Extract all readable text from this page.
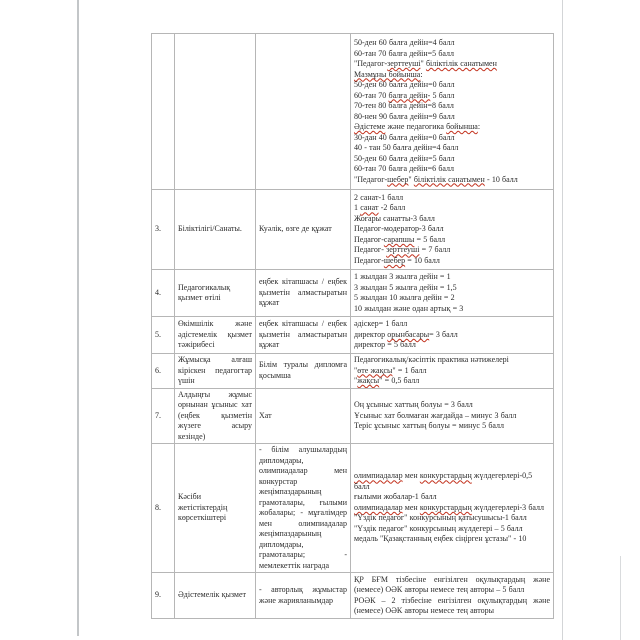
50-ден 60 балға дейін=4 балл
60-тан 70 балға дейін=5 балл
"Педагог-зерттеуші" біліктілік санатымен
Мазмұны бойынша:
50-ден 60 балға дейін=0 балл
60-тан 70 балға дейін- 5 балл
70-тен 80 балға дейін=8 балл
80-нен 90 балға дейін=9 балл
Әдістеме және педагогика бойынша:
30-дан 40 балға дейін=0 балл
40 - тан 50 балға дейін=4 балл
50-ден 60 балға дейін=5 балл
60-тан 70 балға дейін=6 балл
"Педагог-шебер" біліктілік санатымен - 10 балл

3.	Біліктілігі/Санаты.	Куәлік, өзге де құжат	
2 санат-1 балл
1 санат -2 балл
Жоғары санатты-3 балл
Педагог-модератор-3 балл
Педагог-сарапшы = 5 балл
Педагог- зерттеуші = 7 балл
Педагог-шебер = 10 балл

4.	Педагогикалық қызмет өтілі	еңбек кітапшасы / еңбек қызметін алмастыратын құжат	1 жылдан 3 жылға дейін = 1
3 жылдан 5 жылға дейін = 1,5
5 жылдан 10 жылға дейін = 2
10 жылдан және одан артық = 3

5.	Өкімшілік және әдістемелік қызмет тәжірибесі	еңбек кітапшасы / еңбек қызметін алмастыратын құжат	әдіскер= 1 балл
директор орынбасары= 3 балл
директор = 5 балл

6.	Жұмысқа алғаш кіріскен педагогтар үшін	Білім туралы дипломға қосымша	Педагогикалық/кәсіптік практика нәтижелері
"өте жақсы" = 1 балл
"жақсы" = 0,5 балл

7.	Алдыңғы жұмыс орнынан ұсыныс хат (еңбек қызметін жүзеге асыру кезінде)	Хат	Оң ұсыныс хаттың болуы = 3 балл
Ұсыныс хат болмаған жағдайда – минус 3 балл
Теріс ұсыныс хаттың болуы = минус 5 балл

8.	Кәсіби жетістіктердің көрсеткіштері	- білім алушылардың дипломдары, олимпиадалар мен конкурстар жеңімпаздарының грамоталары, ғылыми жобалары; - мұғалімдер мен олимпиадалар жеңімпаздарының дипломдары, грамоталары; - мемлекеттік награда	
олимпиадалар мен конкурстардың жүлдегерлері-0,5
балл
ғылыми жобалар-1 балл
олимпиадалар мен конкурстардың жүлдегерлері-3 балл
"Үздік педагог" конкурсының қатысушысы-1 балл
"Үздік педагог" конкурсының жүлдегері – 5 балл
медаль "Қазақстанның еңбек сіңірген ұстазы" - 10

9.	Әдістемелік қызмет	- авторлық жұмыстар және жарияланымдар	ҚР БҒМ тізбесіне енгізілген оқулықтардың және (немесе) ОӘК авторы немесе тең авторы – 5 балл
РОӘК – 2 тізбесіне енгізілген оқулықтардың және (немесе) ОӘК авторы немесе тең авторы
